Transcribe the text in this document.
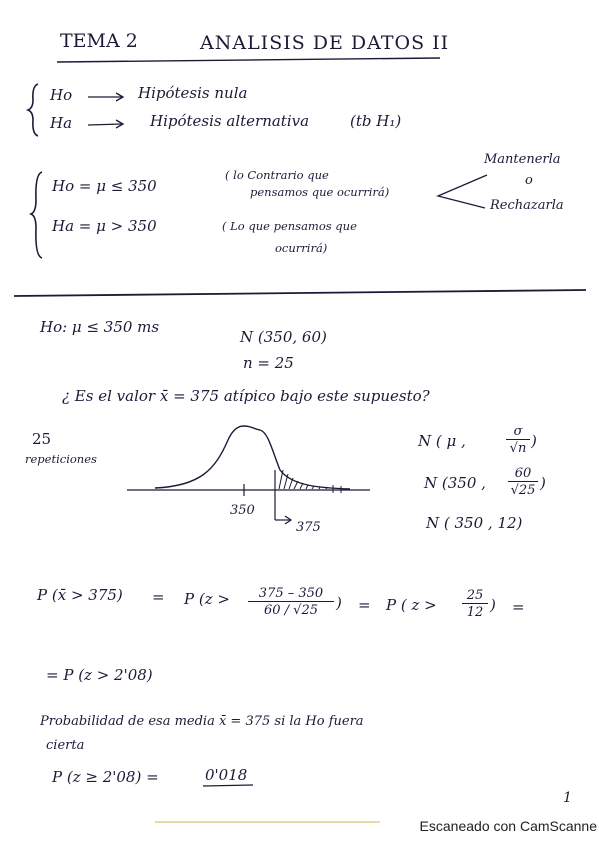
TEMA 2	ANALISIS DE DATOS II
Ho	Hipótesis nula
Ha	Hipótesis alternativa	(tb H₁)
Ho = μ ≤ 350
( lo Contrario que
pensamos que ocurrirá)
Ha = μ > 350	( Lo que pensamos que
ocurrirá)
Mantenerla
o
Rechazarla
Ho: μ ≤ 350 ms
N (350, 60)
n = 25
¿ Es el valor x̄ = 375 atípico bajo este supuesto?
25
repeticiones
350
375
N ( μ ,	$\frac{\sigma}{√n}$ )
N (350 , $\frac{60}{√25}$ )
N ( 350 , 12)
P (x̄ > 375) = P ($z > \frac{375 - 350}{60 / √25}$ ) = P ( $z > \frac{25}{12}$ ) =
= P (z > 2'08)
Probabilidad de esa media x̄ = 375 si la Ho fuera
cierta
P (z ≥ 2'08) =	0'018
1
Escaneado con CamScanne
